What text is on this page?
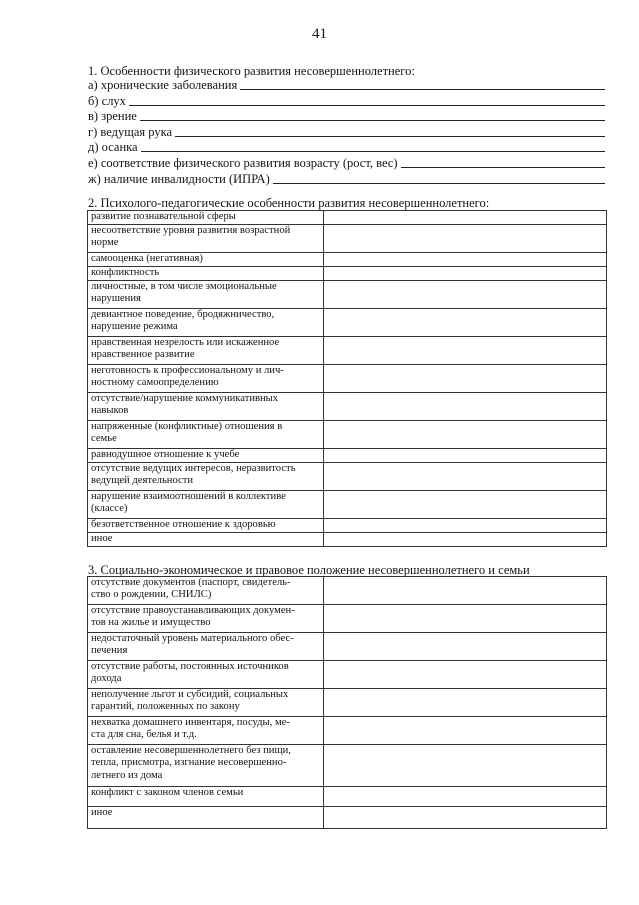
41
1. Особенности физического развития несовершеннолетнего:
а) хронические заболевания
б) слух
в) зрение
г) ведущая рука
д) осанка
е) соответствие физического развития возрасту (рост, вес)
ж) наличие инвалидности (ИПРА)
2. Психолого-педагогические особенности развития несовершеннолетнего:
развитие познавательной сферы	

несоответствие уровня развития возрастной
норме	

самооценка (негативная)	

конфликтность	

личностные, в том числе эмоциональные
нарушения	

девиантное поведение, бродяжничество,
нарушение режима	

нравственная незрелость или искаженное
нравственное развитие	

неготовность к профессиональному и лич-
ностному самоопределению	

отсутствие/нарушение коммуникативных
навыков	

напряженные (конфликтные) отношения в
семье	

равнодушное отношение к учебе	

отсутствие ведущих интересов, неразвитость
ведущей деятельности	

нарушение взаимоотношений в коллективе
(классе)	

безответственное отношение к здоровью	

иное	

3. Социально-экономическое и правовое положение несовершеннолетнего и семьи
отсутствие документов (паспорт, свидетель-
ство о рождении, СНИЛС)	

отсутствие правоустанавливающих докумен-
тов на жилье и имущество	

недостаточный уровень материального обес-
печения	

отсутствие работы, постоянных источников
дохода	

неполучение льгот и субсидий, социальных
гарантий, положенных по закону	

нехватка домашнего инвентаря, посуды, ме-
ста для сна, белья и т.д.	

оставление несовершеннолетнего без пищи,
тепла, присмотра, изгнание несовершенно-
летнего из дома	

конфликт с законом членов семьи	

иное	
